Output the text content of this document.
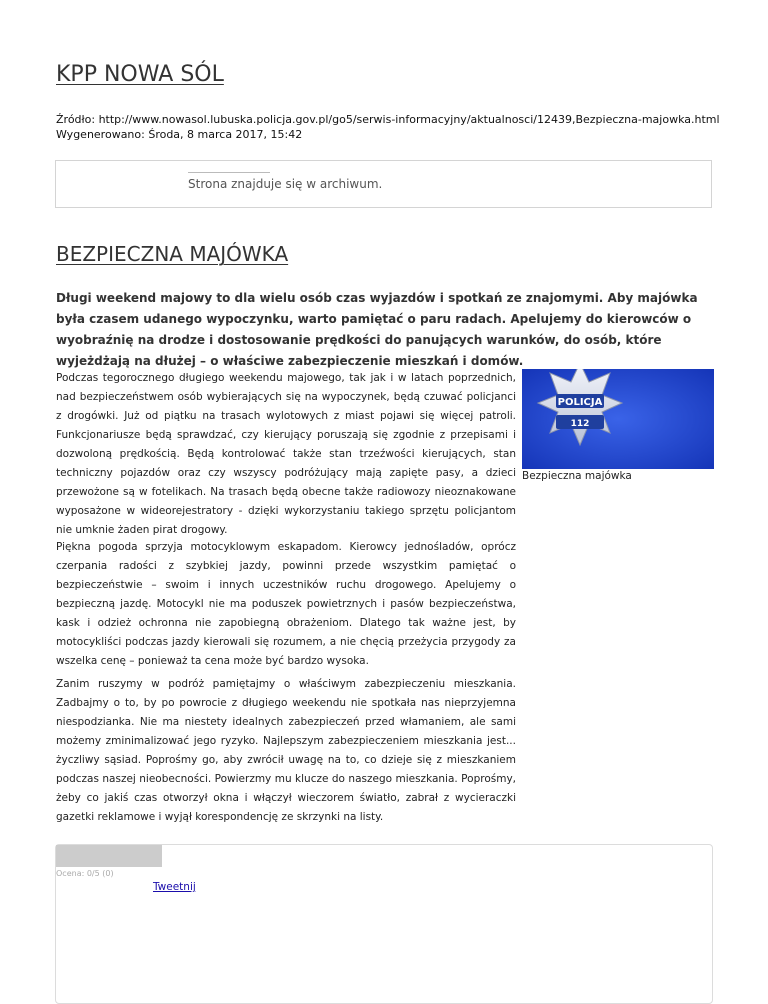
KPP NOWA SÓL
Źródło: http://www.nowasol.lubuska.policja.gov.pl/go5/serwis-informacyjny/aktualnosci/12439,Bezpieczna-majowka.html
Wygenerowano: Środa, 8 marca 2017, 15:42
Strona znajduje się w archiwum.
BEZPIECZNA MAJÓWKA

Długi weekend majowy to dla wielu osób czas wyjazdów i spotkań ze znajomymi. Aby majówka była czasem udanego wypoczynku, warto pamiętać o paru radach. Apelujemy do kierowców o wyobraźnię na drodze i dostosowanie prędkości do panujących warunków, do osób, które wyjeżdżają na dłużej – o właściwe zabezpieczenie mieszkań i domów.

Podczas tegorocznego długiego weekendu majowego, tak jak i w latach poprzednich, nad bezpieczeństwem osób wybierających się na wypoczynek, będą czuwać policjanci z drogówki. Już od piątku na trasach wylotowych z miast pojawi się więcej patroli. Funkcjonariusze będą sprawdzać, czy kierujący poruszają się zgodnie z przepisami i dozwoloną prędkością. Będą kontrolować także stan trzeźwości kierujących, stan techniczny pojazdów oraz czy wszyscy podróżujący mają zapięte pasy, a dzieci przewożone są w fotelikach. Na trasach będą obecne także radiowozy nieoznakowane wyposażone w wideorejestratory - dzięki wykorzystaniu takiego sprzętu policjantom nie umknie żaden pirat drogowy.

POLICJA
112
Bezpieczna majówka

Piękna pogoda sprzyja motocyklowym eskapadom. Kierowcy jednośladów, oprócz czerpania radości z szybkiej jazdy, powinni przede wszystkim pamiętać o bezpieczeństwie – swoim i innych uczestników ruchu drogowego. Apelujemy o bezpieczną jazdę. Motocykl nie ma poduszek powietrznych i pasów bezpieczeństwa, kask i odzież ochronna nie zapobiegną obrażeniom. Dlatego tak ważne jest, by motocykliści podczas jazdy kierowali się rozumem, a nie chęcią przeżycia przygody za wszelka cenę – ponieważ ta cena może być bardzo wysoka.

Zanim ruszymy w podróż pamiętajmy o właściwym zabezpieczeniu mieszkania. Zadbajmy o to, by po powrocie z długiego weekendu nie spotkała nas nieprzyjemna niespodzianka. Nie ma niestety idealnych zabezpieczeń przed włamaniem, ale sami możemy zminimalizować jego ryzyko. Najlepszym zabezpieczeniem mieszkania jest... życzliwy sąsiad. Poprośmy go, aby zwrócił uwagę na to, co dzieje się z mieszkaniem podczas naszej nieobecności. Powierzmy mu klucze do naszego mieszkania. Poprośmy, żeby co jakiś czas otworzył okna i włączył wieczorem światło, zabrał z wycieraczki gazetki reklamowe i wyjął korespondencję ze skrzynki na listy.

Ocena: 0/5 (0)
Tweetnij
